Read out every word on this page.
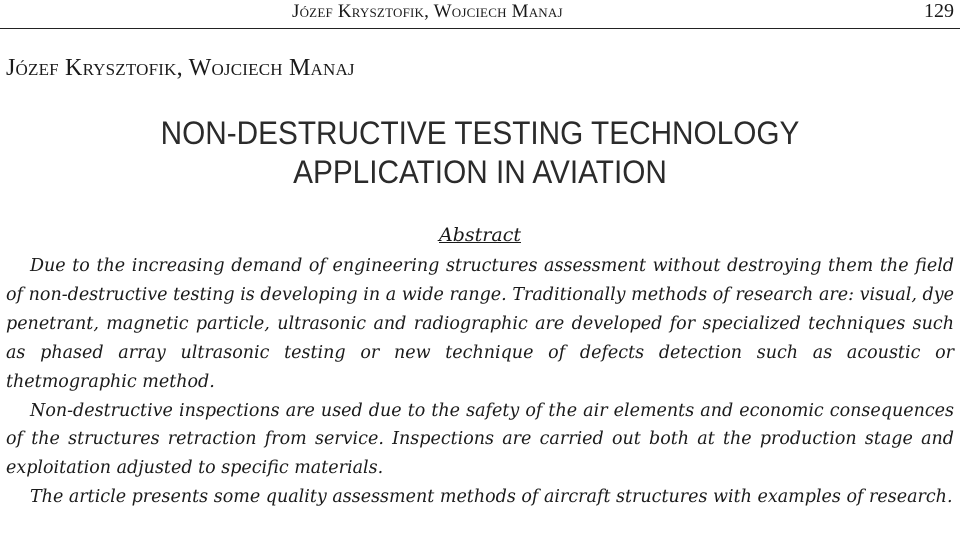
Józef Krysztofik, Wojciech Manaj	129
Józef Krysztofik, Wojciech Manaj
NON-DESTRUCTIVE TESTING TECHNOLOGY
APPLICATION IN AVIATION
Abstract

Due to the increasing demand of engineering structures assessment without destroying them the field of non-destructive testing is developing in a wide range. Traditionally methods of research are: visual, dye penetrant, magnetic particle, ultrasonic and radiographic are developed for specialized techniques such as phased array ultrasonic testing or new technique of defects detection such as acoustic or thetmographic method.

Non-destructive inspections are used due to the safety of the air elements and economic consequences of the structures retraction from service. Inspections are carried out both at the production stage and exploitation adjusted to specific materials.

The article presents some quality assessment methods of aircraft structures with examples of research.
